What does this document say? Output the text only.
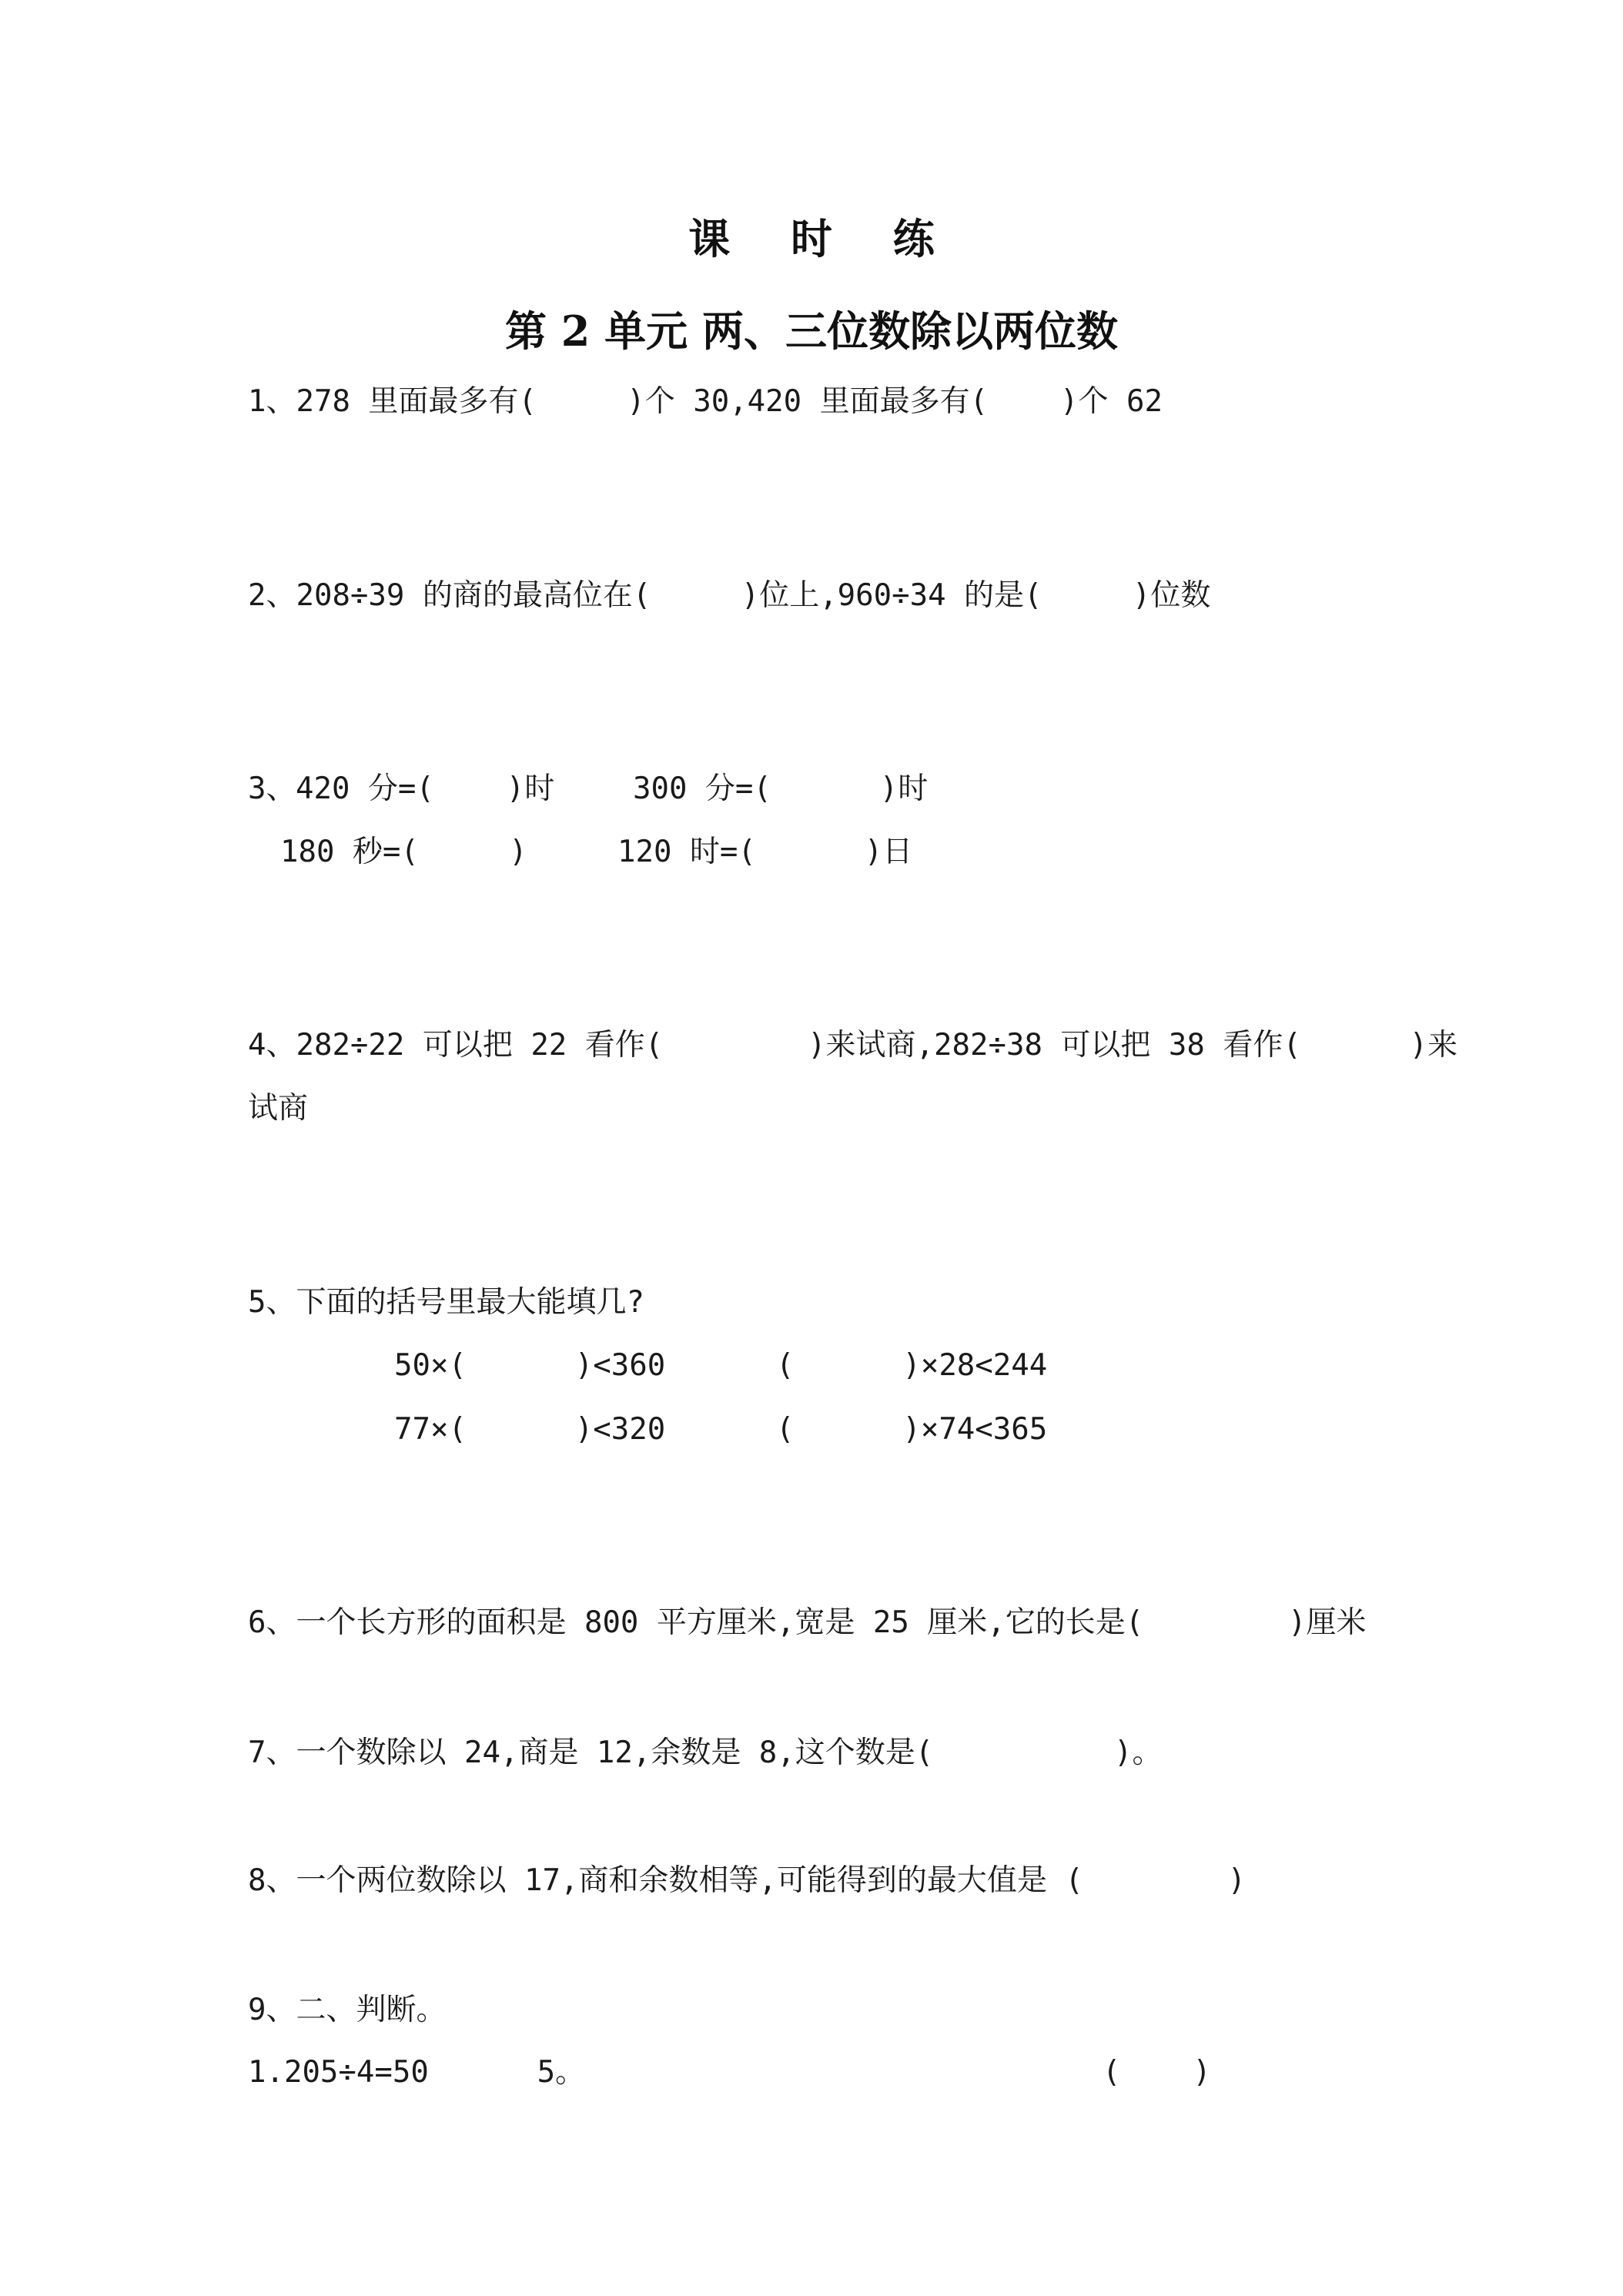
课 时 练
第 2 单元 两、三位数除以两位数
1、278 里面最多有(     )个 30,420 里面最多有(    )个 62
2、208÷39 的商的最高位在(     )位上,960÷34 的是(     )位数
3、 420 分=(    )时	300 分=(      )时
180 秒=(     )	120 时=(      )日
4、282÷22 可以把 22 看作(        )来试商,282÷38 可以把 38 看作(      )来
试商
5、下面的括号里最大能填几?
50×(      )<360	(      )×28<244
77×(      )<320	(      )×74<365
6、一个长方形的面积是 800 平方厘米,宽是 25 厘米,它的长是(        )厘米
7、一个数除以 24,商是 12,余数是 8,这个数是(          )。
8、一个两位数除以 17,商和余数相等,可能得到的最大值是 (        )
9、二、判断。
1.205÷4=50      5。	(    )
